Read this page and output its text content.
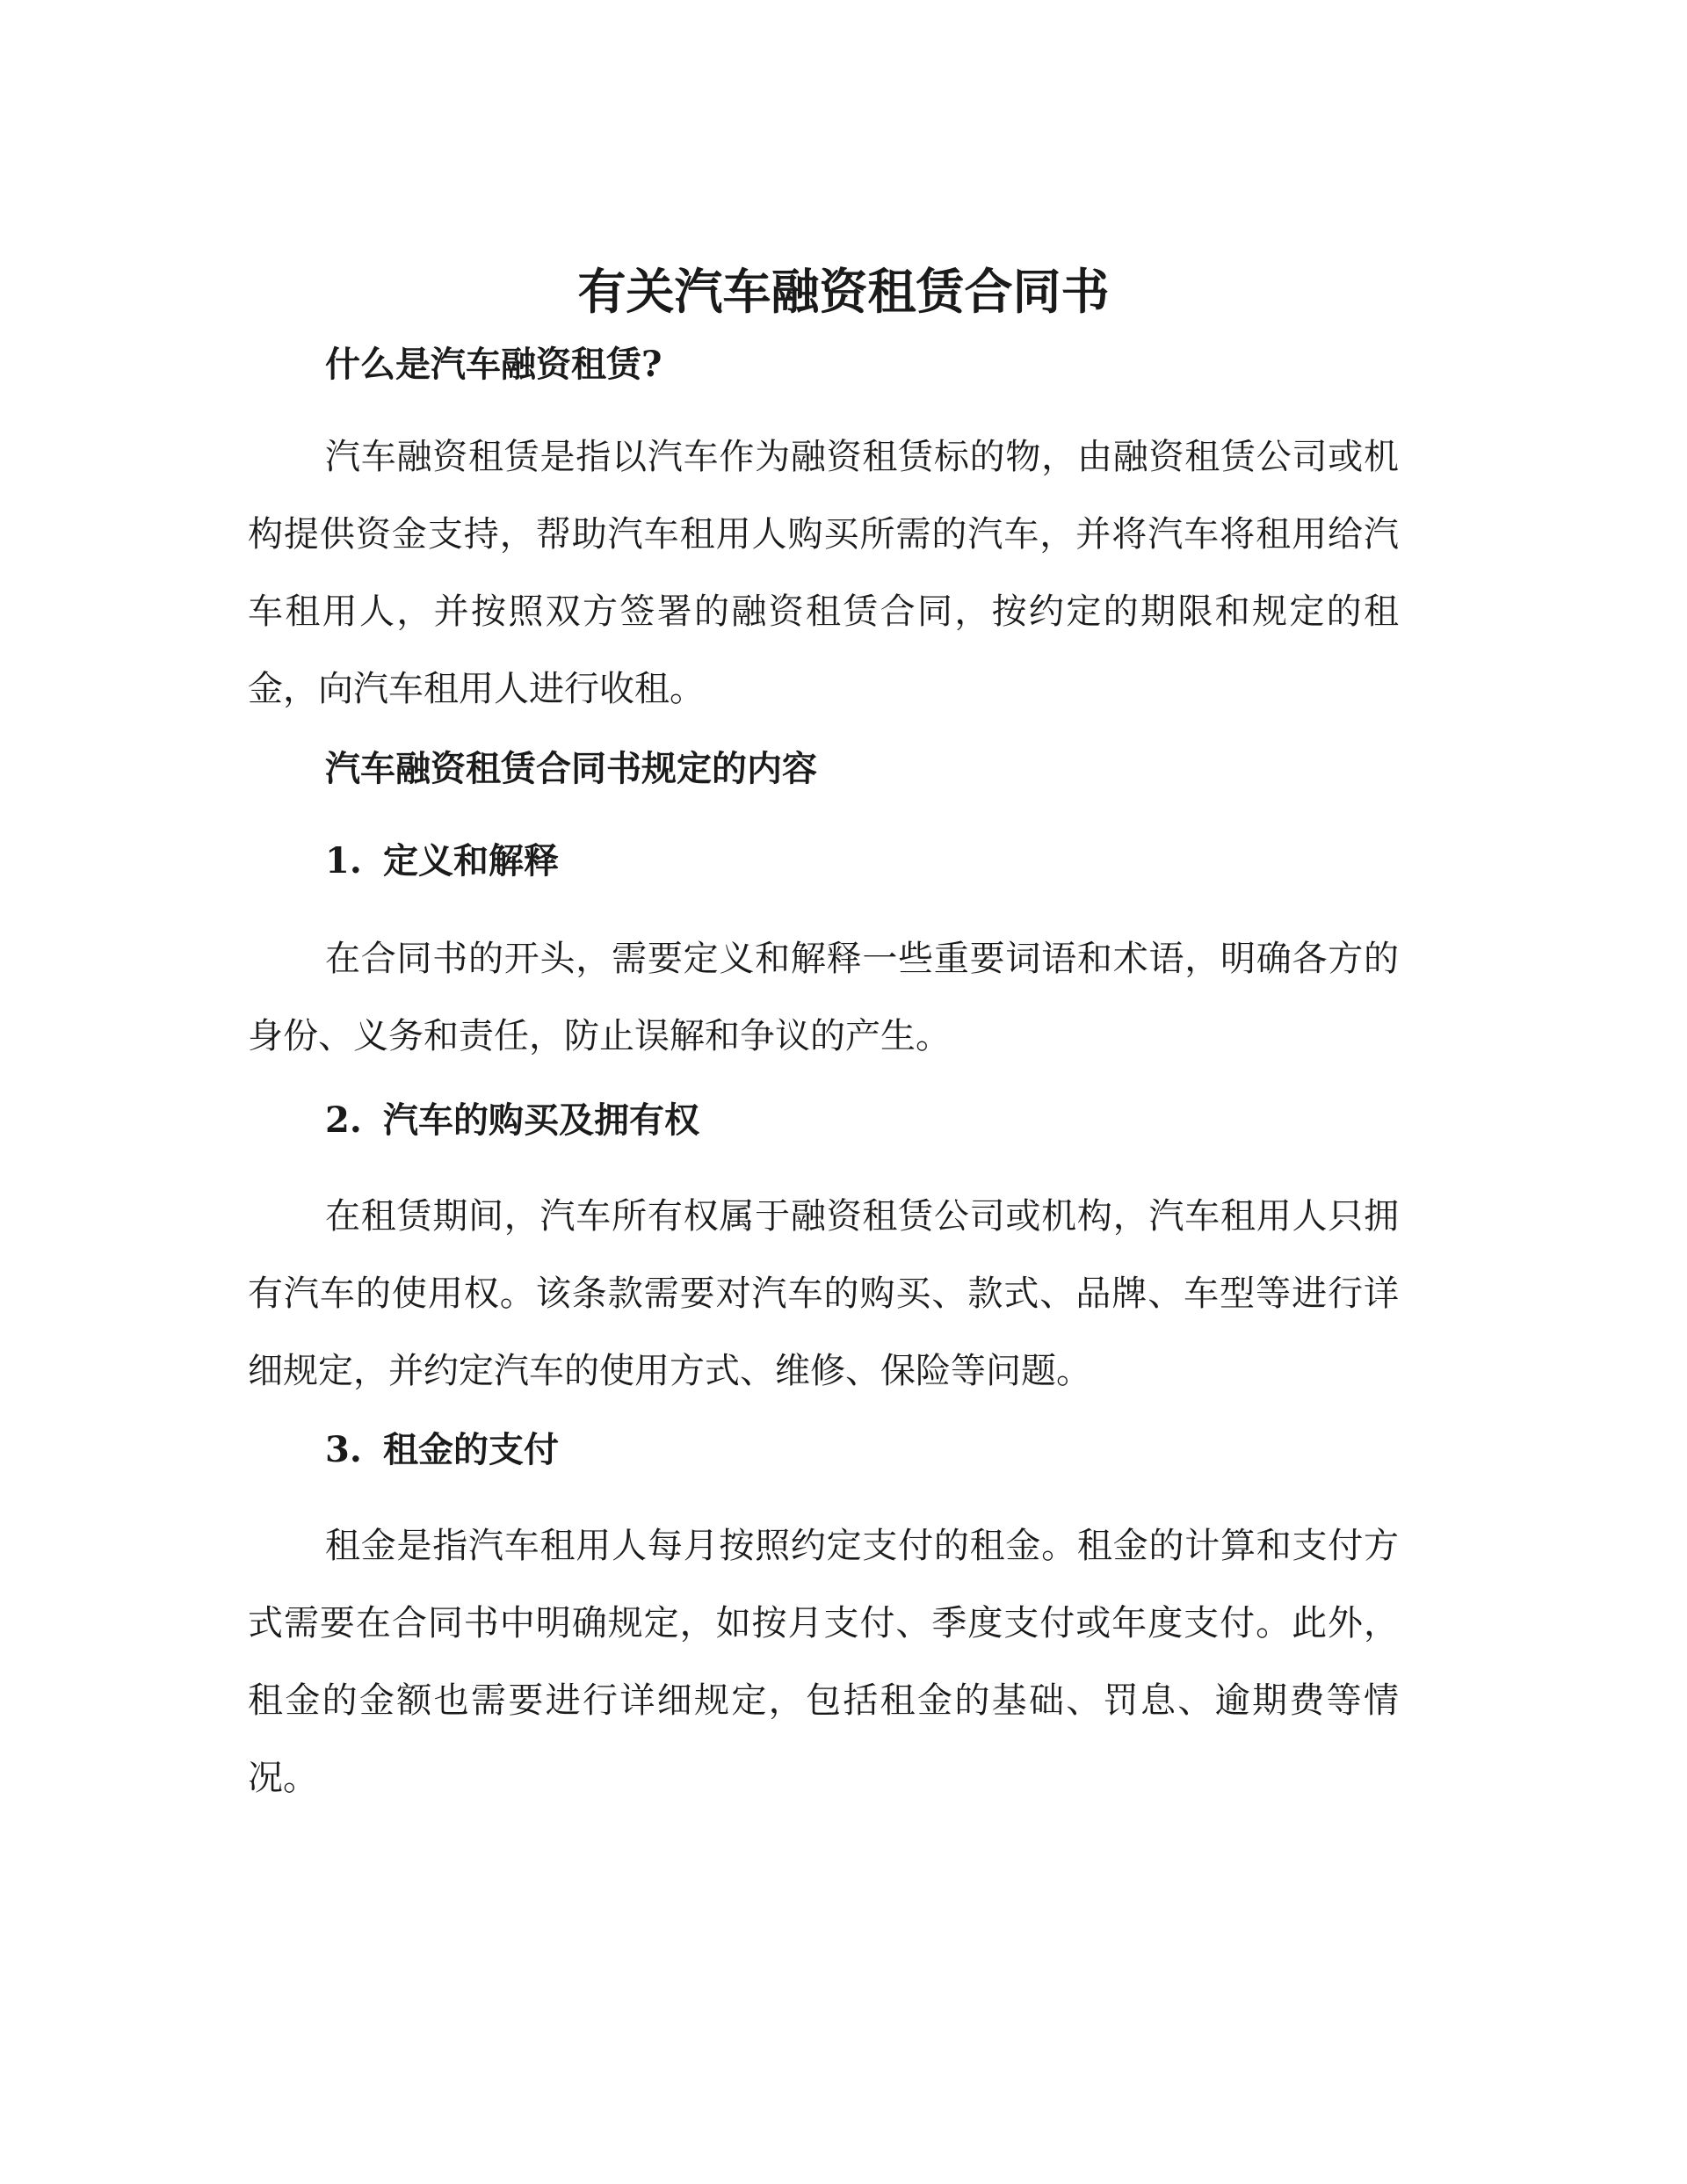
有关汽车融资租赁合同书
什么是汽车融资租赁?

汽车融资租赁是指以汽车作为融资租赁标的物，由融资租赁公司或机构提供资金支持，帮助汽车租用人购买所需的汽车，并将汽车将租用给汽车租用人，并按照双方签署的融资租赁合同，按约定的期限和规定的租金，向汽车租用人进行收租。

汽车融资租赁合同书规定的内容
1. 定义和解释

在合同书的开头，需要定义和解释一些重要词语和术语，明确各方的身份、义务和责任，防止误解和争议的产生。

2. 汽车的购买及拥有权

在租赁期间，汽车所有权属于融资租赁公司或机构，汽车租用人只拥有汽车的使用权。该条款需要对汽车的购买、款式、品牌、车型等进行详细规定，并约定汽车的使用方式、维修、保险等问题。

3. 租金的支付

租金是指汽车租用人每月按照约定支付的租金。租金的计算和支付方式需要在合同书中明确规定，如按月支付、季度支付或年度支付。此外，租金的金额也需要进行详细规定，包括租金的基础、罚息、逾期费等情况。
